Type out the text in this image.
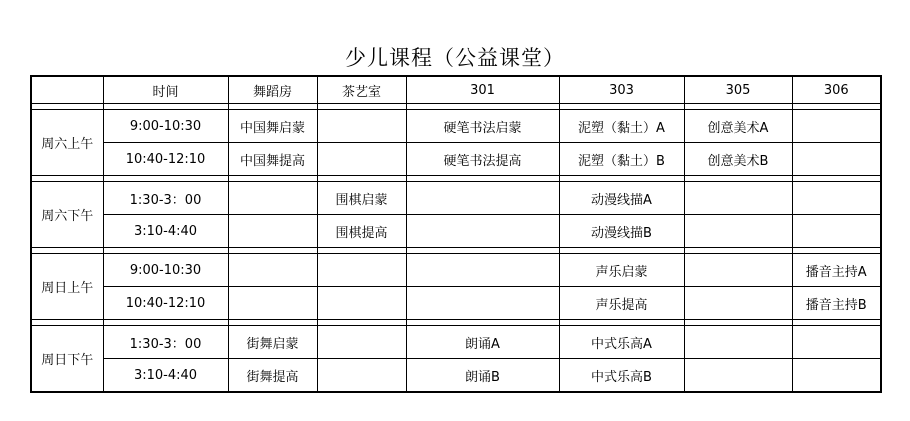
少儿课程（公益课堂）
	时间	舞蹈房	茶艺室	301	303	305	306

周六上午	9:00-10:30	中国舞启蒙		硬笔书法启蒙	泥塑（黏土）A	创意美术A	
	10:40-12:10	中国舞提高		硬笔书法提高	泥塑（黏土）B	创意美术B	

周六下午	1:30-3：00		围棋启蒙		动漫线描A		
	3:10-4:40		围棋提高		动漫线描B		

周日上午	9:00-10:30				声乐启蒙		播音主持A
	10:40-12:10				声乐提高		播音主持B

周日下午	1:30-3：00	街舞启蒙		朗诵A	中式乐高A		
	3:10-4:40	街舞提高		朗诵B	中式乐高B		
